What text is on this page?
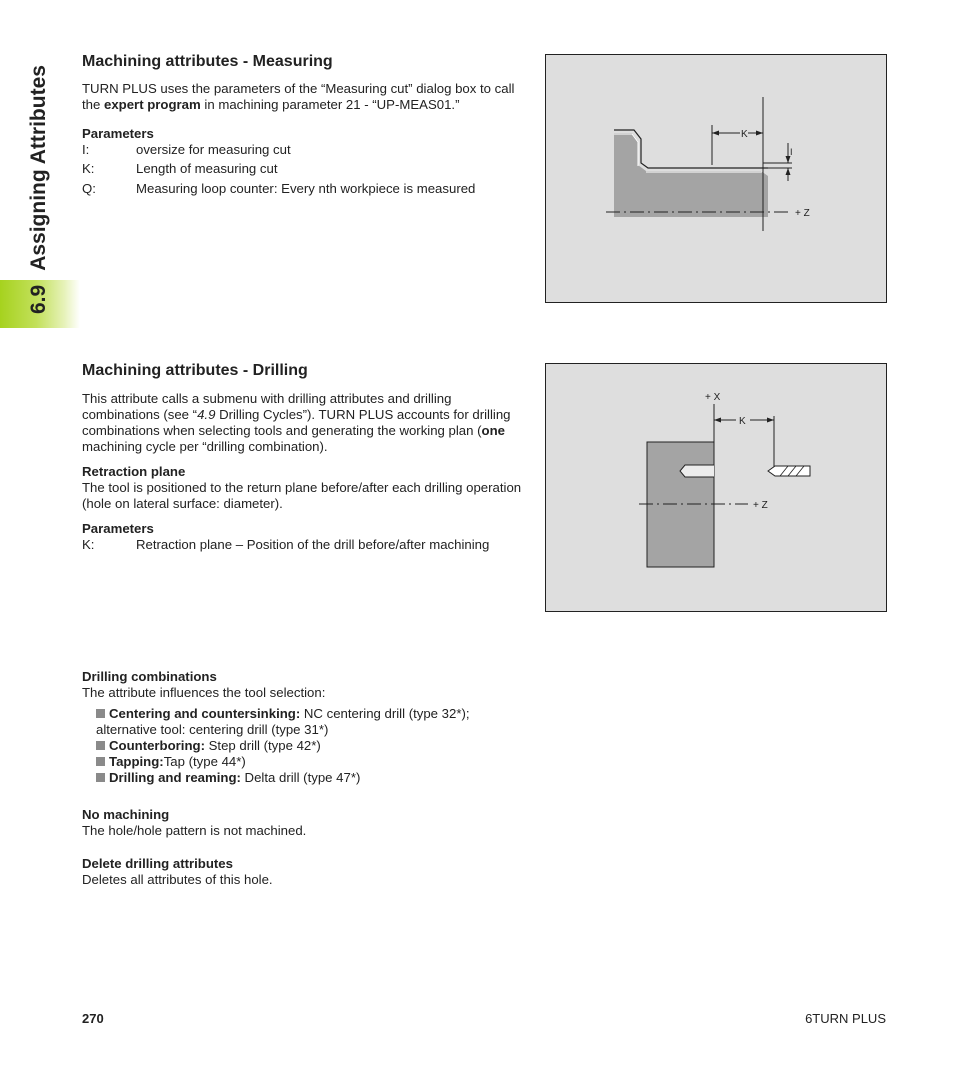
6.9Assigning Attributes
Machining attributes - Measuring

TURN PLUS uses the parameters of the “Measuring cut” dialog box to call the expert program in machining parameter 21 - “UP-MEAS01.”

Parameters

I:	oversize for measuring cut
K:	Length of measuring cut
Q:	Measuring loop counter: Every nth workpiece is measured
K
I
+ Z
Machining attributes - Drilling

This attribute calls a submenu with drilling attributes and drilling combinations (see “4.9 Drilling Cycles”). TURN PLUS accounts for drilling combinations when selecting tools and generating the working plan (one machining cycle per “drilling combination).

Retraction plane

The tool is positioned to the return plane before/after each drilling operation (hole on lateral surface: diameter).

Parameters

K:	Retraction plane – Position of the drill before/after machining
+ X
K
+ Z

Drilling combinations

The attribute influences the tool selection:

Centering and countersinking: NC centering drill (type 32*);
alternative tool: centering drill (type 31*)
Counterboring: Step drill (type 42*)
Tapping:Tap (type 44*)
Drilling and reaming: Delta drill (type 47*)

No machining

The hole/hole pattern is not machined.

Delete drilling attributes

Deletes all attributes of this hole.

270	6TURN PLUS
